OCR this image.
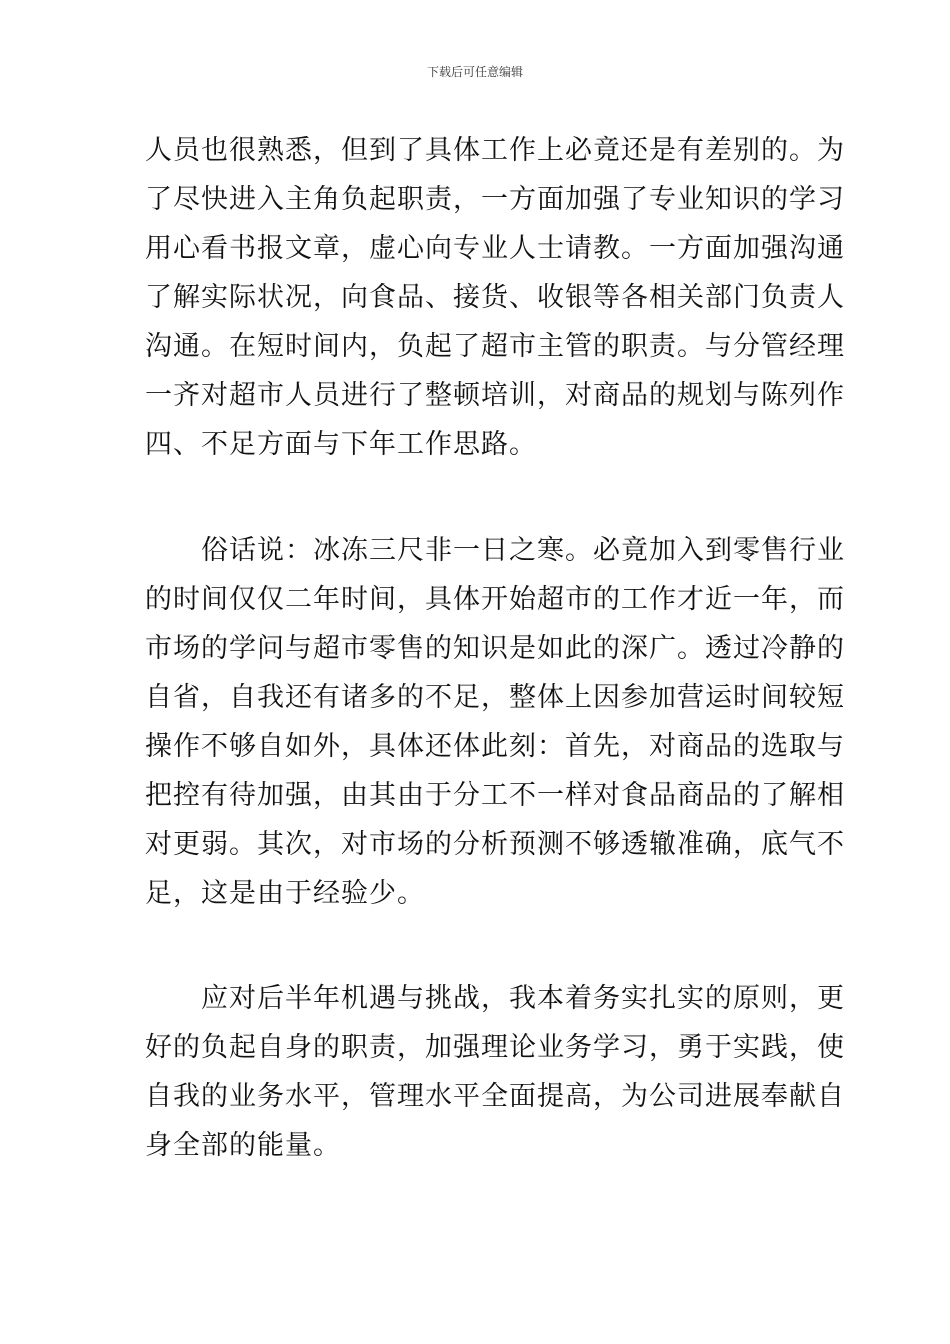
下载后可任意编辑
人员也很熟悉，但到了具体工作上必竟还是有差别的。为
了尽快进入主角负起职责，一方面加强了专业知识的学习
用心看书报文章，虚心向专业人士请教。一方面加强沟通
了解实际状况，向食品、接货、收银等各相关部门负责人
沟通。在短时间内，负起了超市主管的职责。与分管经理
一齐对超市人员进行了整顿培训，对商品的规划与陈列作
四、不足方面与下年工作思路。
　　俗话说：冰冻三尺非一日之寒。必竟加入到零售行业
的时间仅仅二年时间，具体开始超市的工作才近一年，而
市场的学问与超市零售的知识是如此的深广。透过冷静的
自省，自我还有诸多的不足，整体上因参加营运时间较短
操作不够自如外，具体还体此刻：首先，对商品的选取与
把控有待加强，由其由于分工不一样对食品商品的了解相
对更弱。其次，对市场的分析预测不够透辙准确，底气不
足，这是由于经验少。
　　应对后半年机遇与挑战，我本着务实扎实的原则，更
好的负起自身的职责，加强理论业务学习，勇于实践，使
自我的业务水平，管理水平全面提高，为公司进展奉献自
身全部的能量。
